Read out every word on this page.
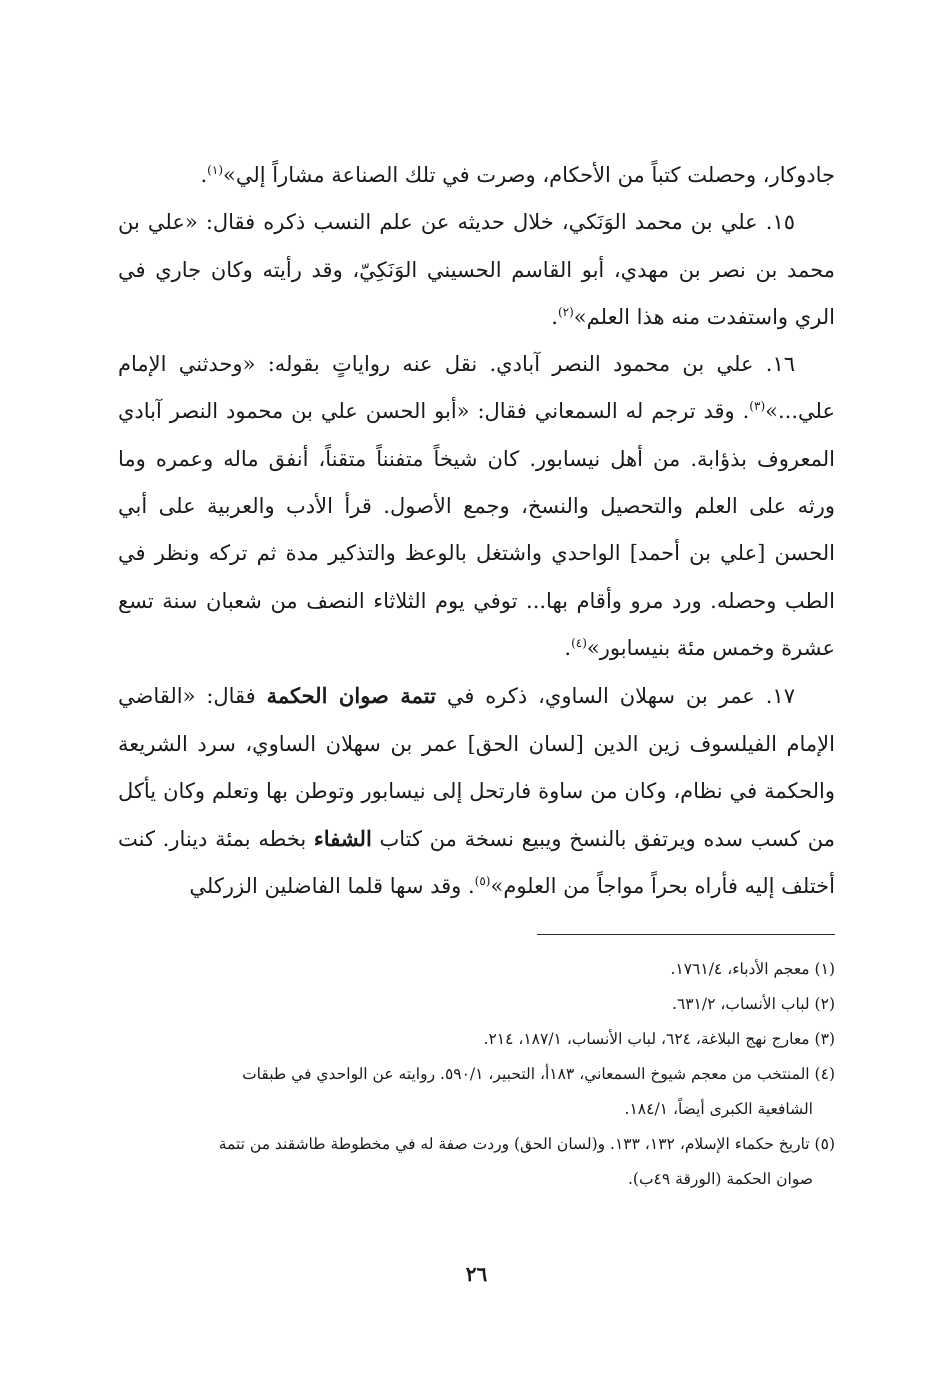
جادوكار، وحصلت كتباً من الأحكام، وصرت في تلك الصناعة مشاراً إلي»$^{(١)}$.

١٥. علي بن محمد الوَنَكي، خلال حديثه عن علم النسب ذكره فقال: «علي بن محمد بن نصر بن مهدي، أبو القاسم الحسيني الوَنَكِيّ، وقد رأيته وكان جاري في الري واستفدت منه هذا العلم»$^{(٢)}$.

١٦. علي بن محمود النصر آبادي. نقل عنه رواياتٍ بقوله: «وحدثني الإمام علي...»$^{(٣)}$. وقد ترجم له السمعاني فقال: «أبو الحسن علي بن محمود النصر آبادي المعروف بذؤابة. من أهل نيسابور. كان شيخاً متفنناً متقناً، أنفق ماله وعمره وما ورثه على العلم والتحصيل والنسخ، وجمع الأصول. قرأ الأدب والعربية على أبي الحسن [علي بن أحمد] الواحدي واشتغل بالوعظ والتذكير مدة ثم تركه ونظر في الطب وحصله. ورد مرو وأقام بها... توفي يوم الثلاثاء النصف من شعبان سنة تسع عشرة وخمس مئة بنيسابور»$^{(٤)}$.

١٧. عمر بن سهلان الساوي، ذكره في تتمة صوان الحكمة فقال: «القاضي الإمام الفيلسوف زين الدين [لسان الحق] عمر بن سهلان الساوي، سرد الشريعة والحكمة في نظام، وكان من ساوة فارتحل إلى نيسابور وتوطن بها وتعلم وكان يأكل من كسب سده ويرتفق بالنسخ ويبيع نسخة من كتاب الشفاء بخطه بمئة دينار. كنت أختلف إليه فأراه بحراً مواجاً من العلوم»$^{(٥)}$. وقد سها قلما الفاضلين الزركلي

(١) معجم الأدباء، ١٧٦١/٤.

(٢) لباب الأنساب، ٦٣١/٢.

(٣) معارج نهج البلاغة، ٦٢٤، لباب الأنساب، ١٨٧/١، ٢١٤.

(٤) المنتخب من معجم شيوخ السمعاني، ١٨٣أ، التحبير، ٥٩٠/١. روايته عن الواحدي في طبقات
الشافعية الكبرى أيضاً، ١٨٤/١.

(٥) تاريخ حكماء الإسلام، ١٣٢، ١٣٣. و(لسان الحق) وردت صفة له في مخطوطة طاشقند من تتمة
صوان الحكمة (الورقة ٤٩ب).

٢٦
